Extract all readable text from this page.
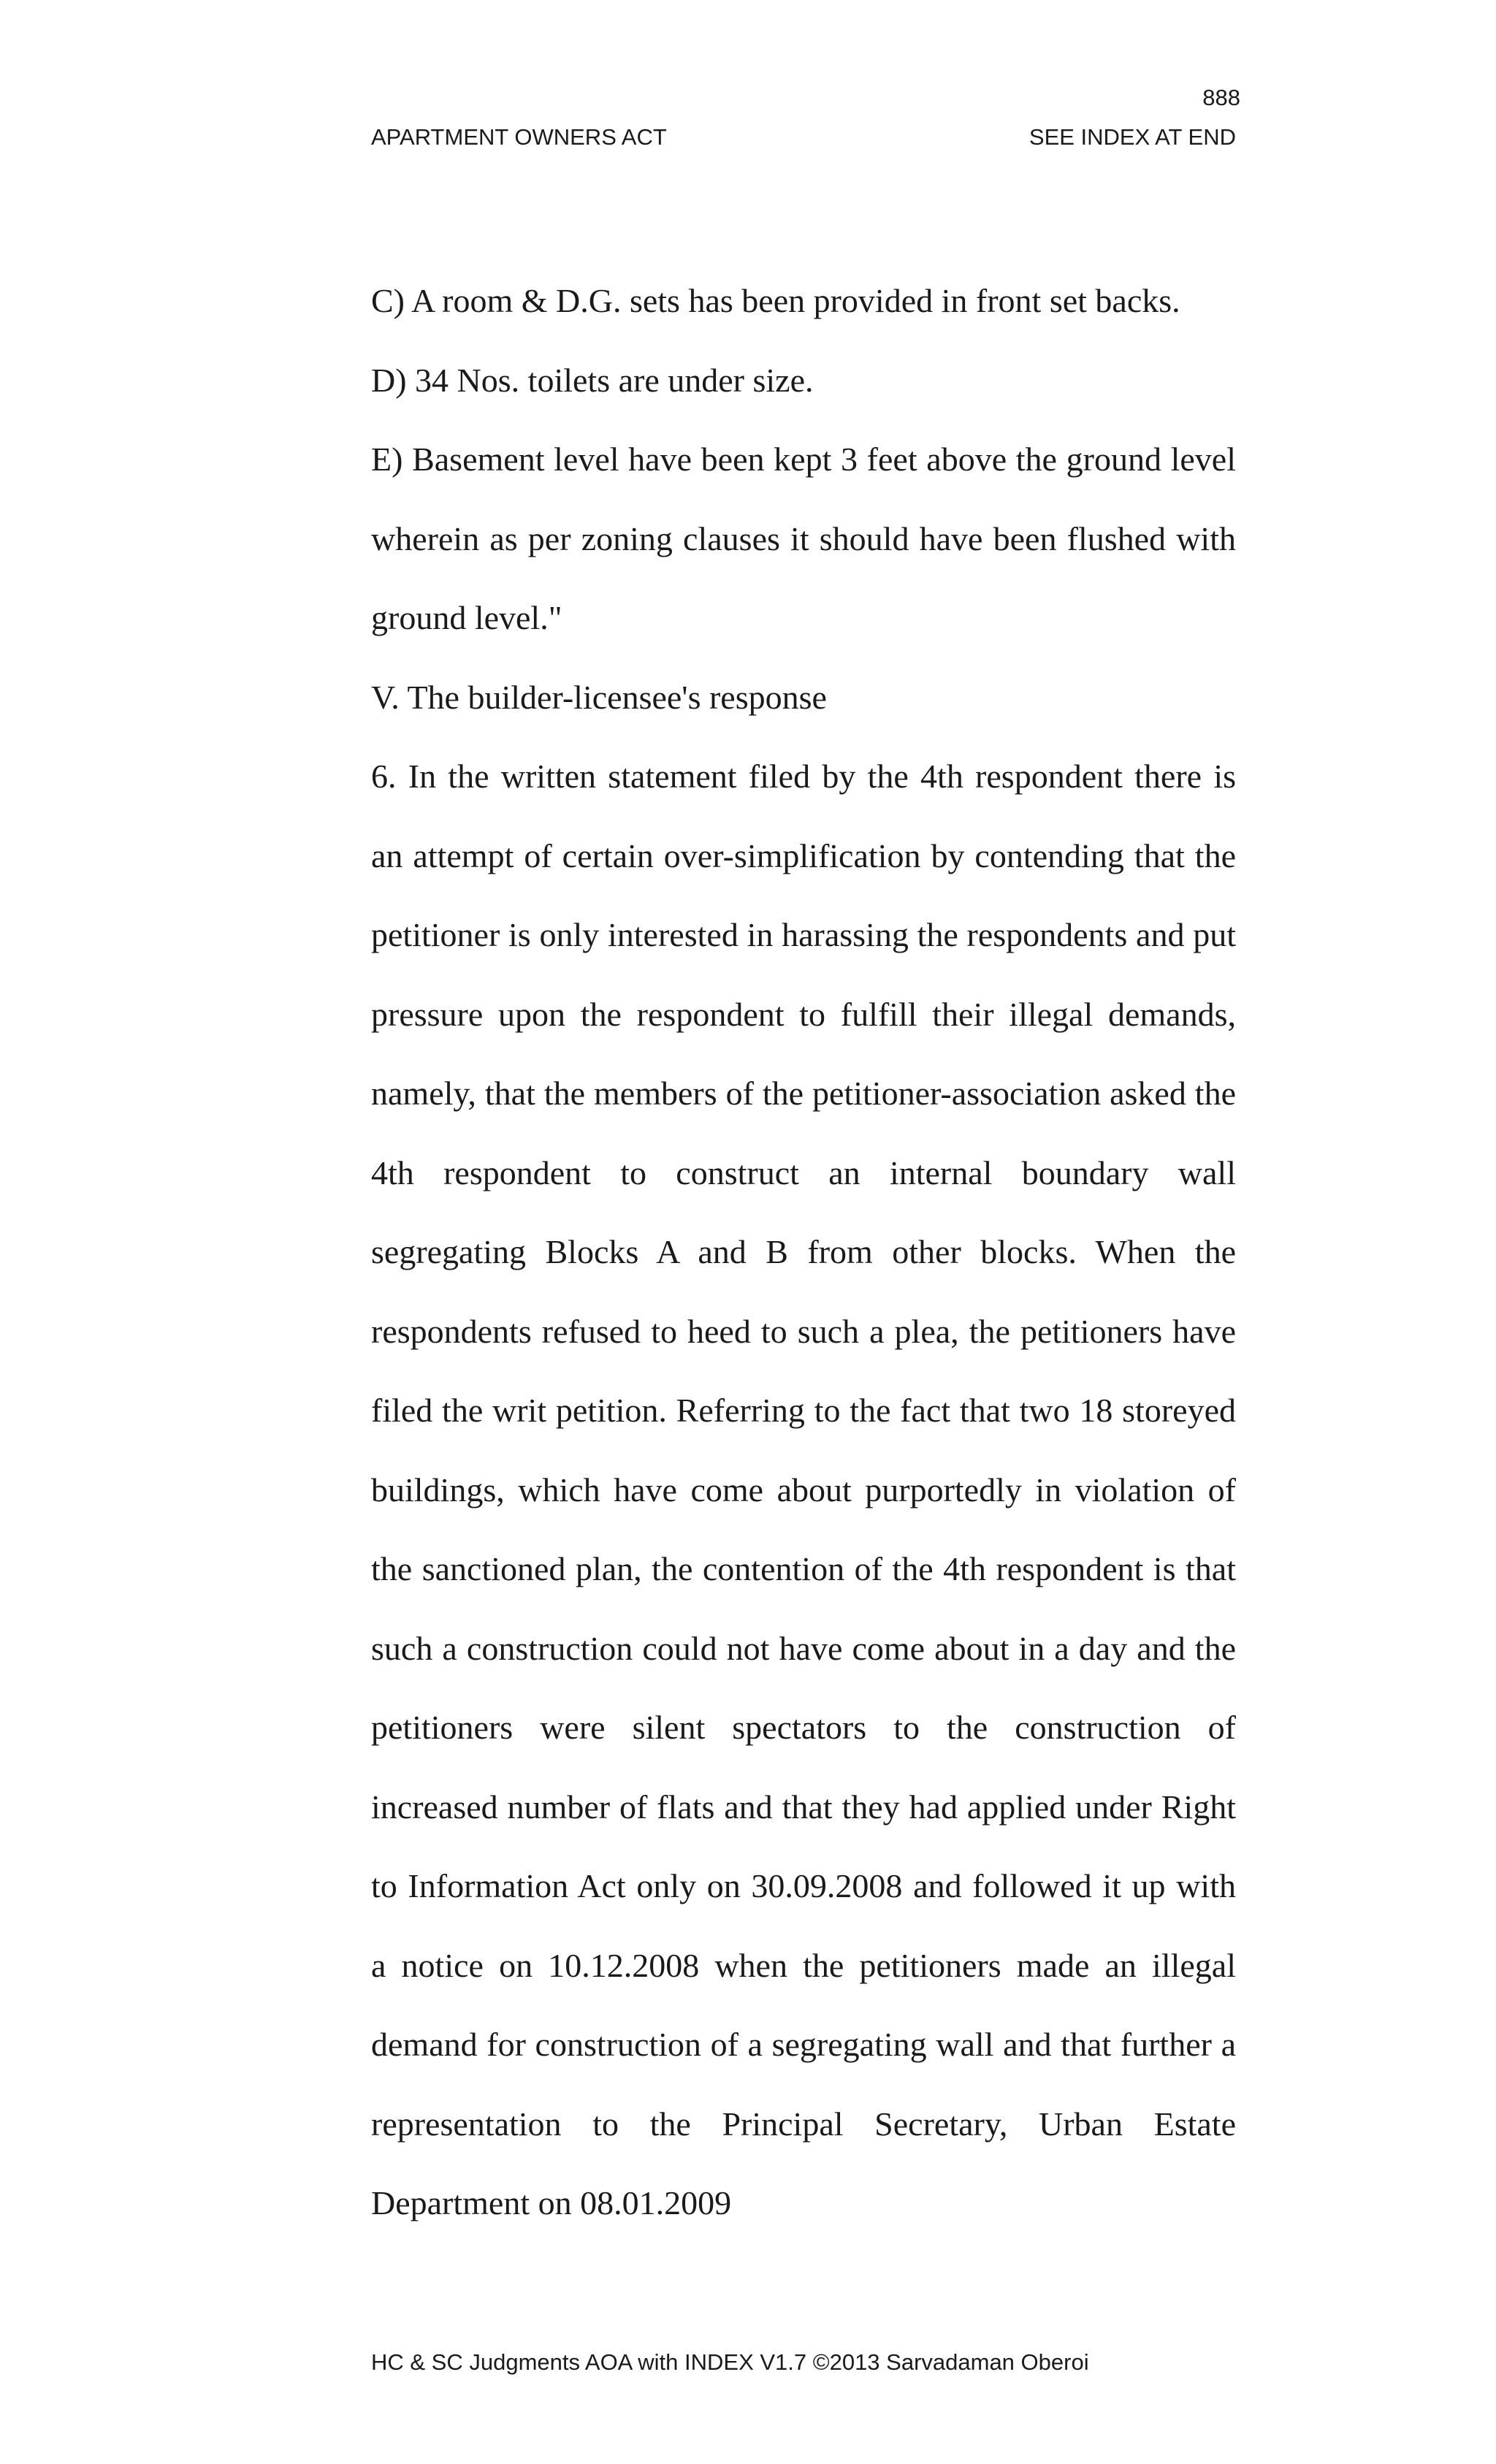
888
APARTMENT OWNERS ACT	SEE INDEX AT END

C) A room & D.G. sets has been provided in front set backs.

D) 34 Nos. toilets are under size.

E) Basement level have been kept 3 feet above the ground level wherein as per zoning clauses it should have been flushed with ground level."

V. The builder-licensee's response

6. In the written statement filed by the 4th respondent there is an attempt of certain over-simplification by contending that the petitioner is only interested in harassing the respondents and put pressure upon the respondent to fulfill their illegal demands, namely, that the members of the petitioner-association asked the 4th respondent to construct an internal boundary wall segregating Blocks A and B from other blocks. When the respondents refused to heed to such a plea, the petitioners have filed the writ petition. Referring to the fact that two 18 storeyed buildings, which have come about purportedly in violation of the sanctioned plan, the contention of the 4th respondent is that such a construction could not have come about in a day and the petitioners were silent spectators to the construction of increased number of flats and that they had applied under Right to Information Act only on 30.09.2008 and followed it up with a notice on 10.12.2008 when the petitioners made an illegal demand for construction of a segregating wall and that further a representation to the Principal Secretary, Urban Estate Department on 08.01.2009

HC & SC Judgments AOA with INDEX V1.7 ©2013 Sarvadaman Oberoi
